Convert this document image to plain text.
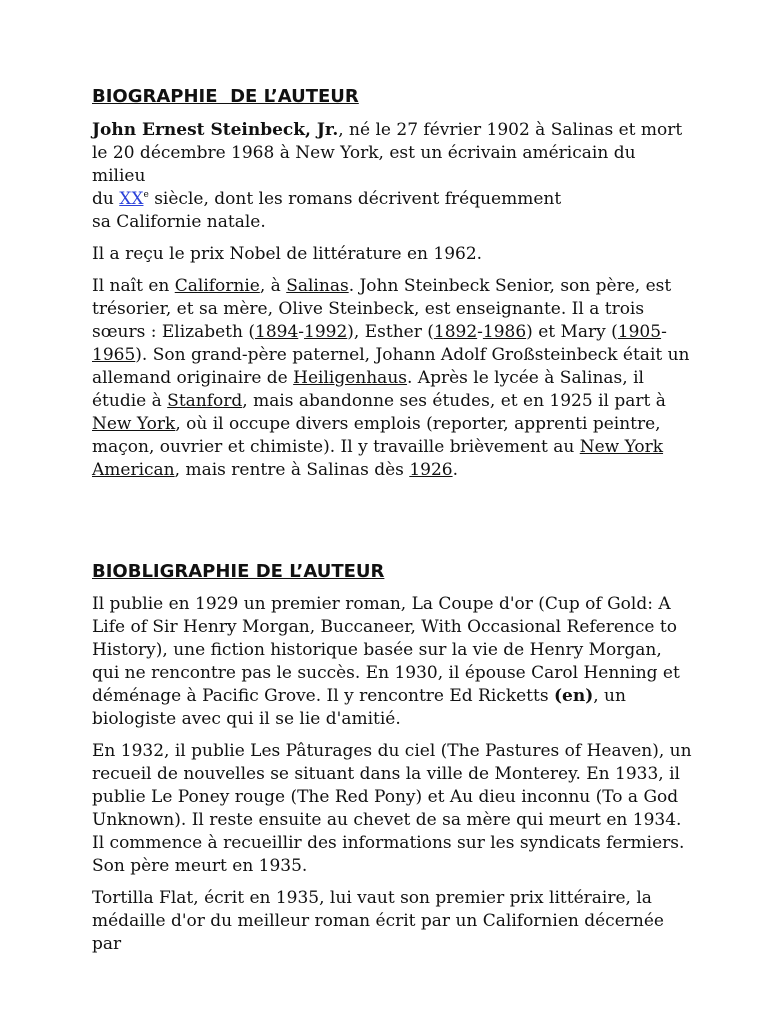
BIOGRAPHIE  DE L’AUTEUR

John Ernest Steinbeck, Jr., né le 27 février 1902 à Salinas et mort
le 20 décembre 1968 à New York, est un écrivain américain du milieu
du XXe siècle, dont les romans décrivent fréquemment
sa Californie natale.

Il a reçu le prix Nobel de littérature en 1962.

Il naît en Californie, à Salinas. John Steinbeck Senior, son père, est trésorier, et sa mère, Olive Steinbeck, est enseignante. Il a trois sœurs : Elizabeth (1894-1992), Esther (1892-1986) et Mary (1905-1965). Son grand-père paternel, Johann Adolf Großsteinbeck était un allemand originaire de Heiligenhaus. Après le lycée à Salinas, il étudie à Stanford, mais abandonne ses études, et en 1925 il part à New York, où il occupe divers emplois (reporter, apprenti peintre, maçon, ouvrier et chimiste). Il y travaille brièvement au New York American, mais rentre à Salinas dès 1926.

BIOBLIGRAPHIE DE L’AUTEUR

Il publie en 1929 un premier roman, La Coupe d'or (Cup of Gold: A Life of Sir Henry Morgan, Buccaneer, With Occasional Reference to History), une fiction historique basée sur la vie de Henry Morgan, qui ne rencontre pas le succès. En 1930, il épouse Carol Henning et déménage à Pacific Grove. Il y rencontre Ed Ricketts (en), un biologiste avec qui il se lie d'amitié.

En 1932, il publie Les Pâturages du ciel (The Pastures of Heaven), un recueil de nouvelles se situant dans la ville de Monterey. En 1933, il publie Le Poney rouge (The Red Pony) et Au dieu inconnu (To a God Unknown). Il reste ensuite au chevet de sa mère qui meurt en 1934. Il commence à recueillir des informations sur les syndicats fermiers. Son père meurt en 1935.

Tortilla Flat, écrit en 1935, lui vaut son premier prix littéraire, la médaille d'or du meilleur roman écrit par un Californien décernée par
